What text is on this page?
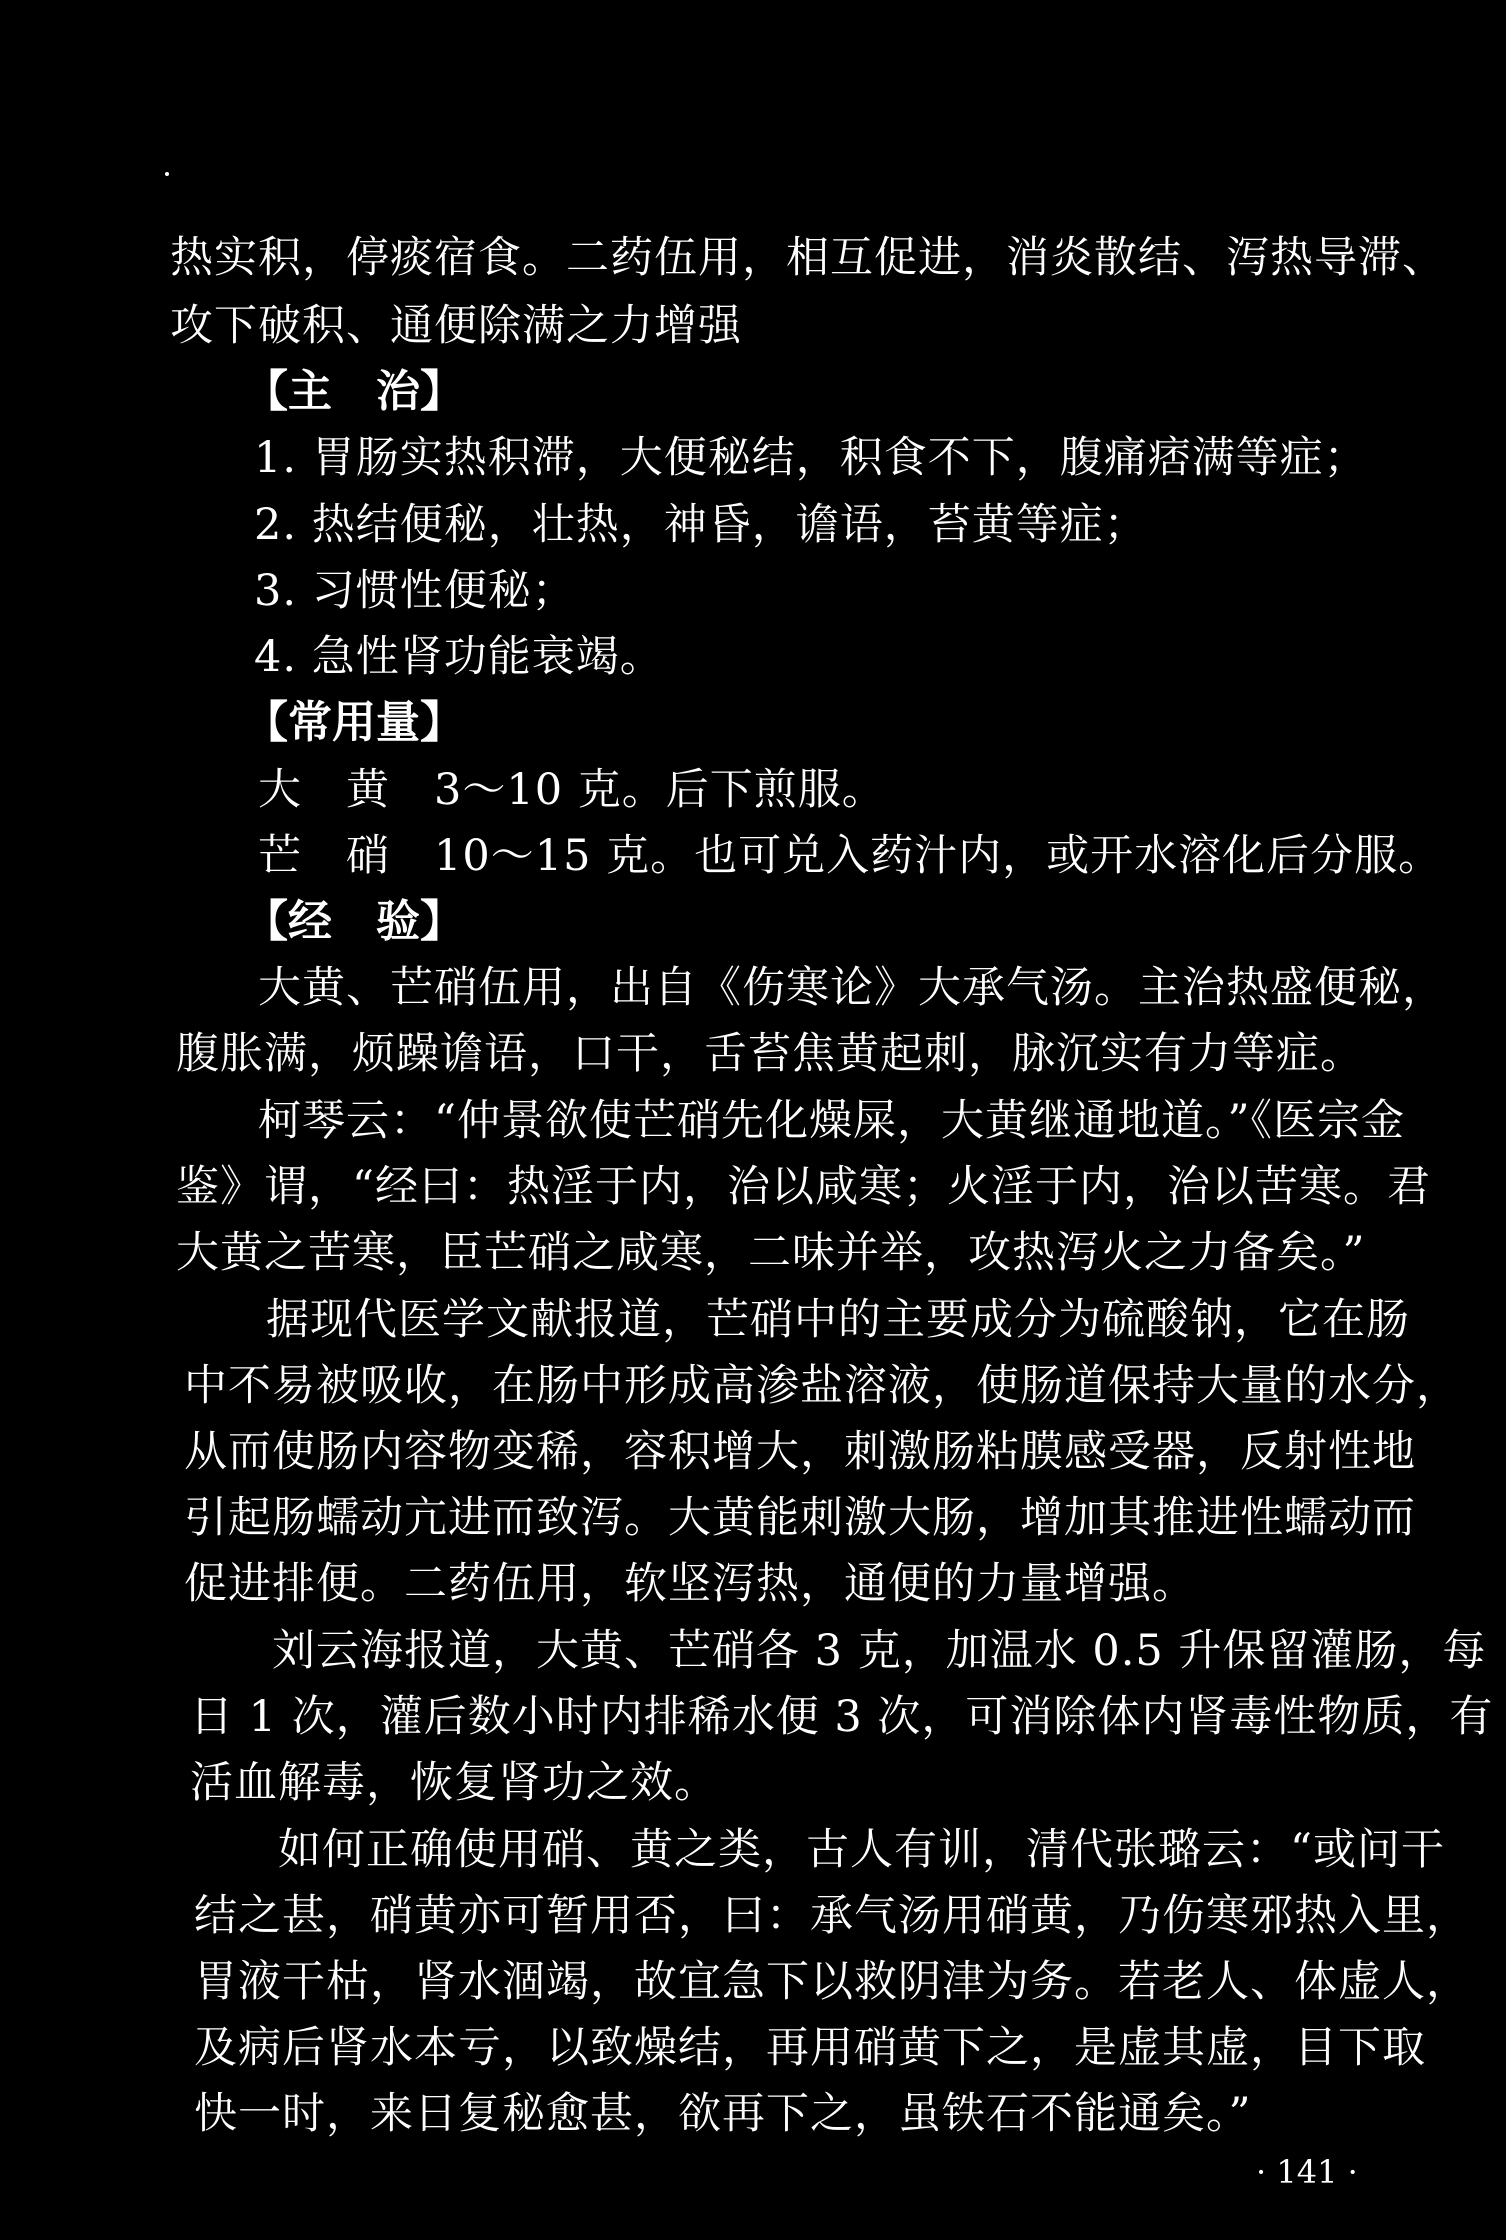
热实积，停痰宿食。二药伍用，相互促进，消炎散结、泻热导滞、
攻下破积、通便除满之力增强
【主　治】
1. 胃肠实热积滞，大便秘结，积食不下，腹痛痞满等症；
2. 热结便秘，壮热，神昏，谵语，苔黄等症；
3. 习惯性便秘；
4. 急性肾功能衰竭。
【常用量】
大　黄　3～10 克。后下煎服。
芒　硝　10～15 克。也可兑入药汁内，或开水溶化后分服。
【经　验】
大黄、芒硝伍用，出自《伤寒论》大承气汤。主治热盛便秘，
腹胀满，烦躁谵语，口干，舌苔焦黄起刺，脉沉实有力等症。
柯琴云：“仲景欲使芒硝先化燥屎，大黄继通地道。”《医宗金
鉴》谓，“经曰：热淫于内，治以咸寒；火淫于内，治以苦寒。君
大黄之苦寒，臣芒硝之咸寒，二味并举，攻热泻火之力备矣。”
据现代医学文献报道，芒硝中的主要成分为硫酸钠，它在肠
中不易被吸收，在肠中形成高渗盐溶液，使肠道保持大量的水分，
从而使肠内容物变稀，容积增大，刺激肠粘膜感受器，反射性地
引起肠蠕动亢进而致泻。大黄能刺激大肠，增加其推进性蠕动而
促进排便。二药伍用，软坚泻热，通便的力量增强。
刘云海报道，大黄、芒硝各 3 克，加温水 0.5 升保留灌肠，每
日 1 次，灌后数小时内排稀水便 3 次，可消除体内肾毒性物质，有
活血解毒，恢复肾功之效。
如何正确使用硝、黄之类，古人有训，清代张璐云：“或问干
结之甚，硝黄亦可暂用否，曰：承气汤用硝黄，乃伤寒邪热入里，
胃液干枯，肾水涸竭，故宜急下以救阴津为务。若老人、体虚人，
及病后肾水本亏，以致燥结，再用硝黄下之，是虚其虚，目下取
快一时，来日复秘愈甚，欲再下之，虽铁石不能通矣。”
· 141 ·
